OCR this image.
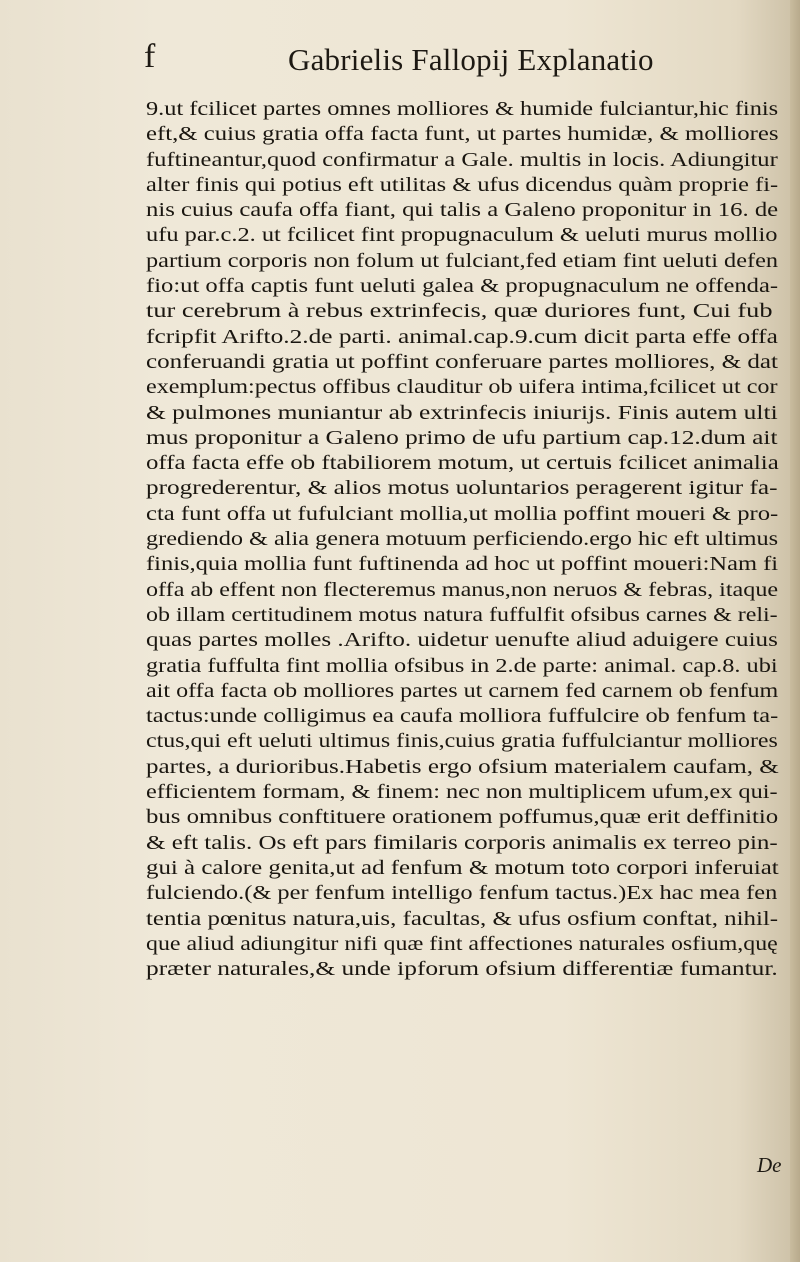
f	Gabrielis Fallopij Explanatio
9.ut fcilicet partes omnes molliores & humide fulciantur,hic finis
eft,& cuius gratia offa facta funt, ut partes humidæ, & molliores
fuftineantur,quod confirmatur a Gale. multis in locis. Adiungitur
alter finis qui potius eft utilitas & ufus dicendus quàm proprie fi-
nis cuius caufa offa fiant, qui talis a Galeno proponitur in 16. de
ufu par.c.2. ut fcilicet fint propugnaculum & ueluti murus mollio
partium corporis non folum ut fulciant,fed etiam fint ueluti defen
fio:ut offa captis funt ueluti galea & propugnaculum ne offenda-
tur cerebrum à rebus extrinfecis, quæ duriores funt, Cui fub
fcripfit Arifto.2.de parti. animal.cap.9.cum dicit parta effe offa
conferuandi gratia ut poffint conferuare partes molliores, & dat
exemplum:pectus offibus clauditur ob uifera intima,fcilicet ut cor
& pulmones muniantur ab extrinfecis iniurijs. Finis autem ulti
mus proponitur a Galeno primo de ufu partium cap.12.dum ait
offa facta effe ob ftabiliorem motum, ut certuis fcilicet animalia
progrederentur, & alios motus uoluntarios peragerent igitur fa-
cta funt offa ut fufulciant mollia,ut mollia poffint moueri & pro-
grediendo & alia genera motuum perficiendo.ergo hic eft ultimus
finis,quia mollia funt fuftinenda ad hoc ut poffint moueri:Nam fi
offa ab effent non flecteremus manus,non neruos & febras, itaque
ob illam certitudinem motus natura fuffulfit ofsibus carnes & reli-
quas partes molles .Arifto. uidetur uenufte aliud aduigere cuius
gratia fuffulta fint mollia ofsibus in 2.de parte: animal. cap.8. ubi
ait offa facta ob molliores partes ut carnem fed carnem ob fenfum
tactus:unde colligimus ea caufa molliora fuffulcire ob fenfum ta-
ctus,qui eft ueluti ultimus finis,cuius gratia fuffulciantur molliores
partes, a durioribus.Habetis ergo ofsium materialem caufam, &
efficientem formam, & finem: nec non multiplicem ufum,ex qui-
bus omnibus conftituere orationem poffumus,quæ erit deffinitio
& eft talis. Os eft pars fimilaris corporis animalis ex terreo pin-
gui à calore genita,ut ad fenfum & motum toto corpori inferuiat
fulciendo.(& per fenfum intelligo fenfum tactus.)Ex hac mea fen
tentia pœnitus natura,uis, facultas, & ufus osfium conftat, nihil-
que aliud adiungitur nifi quæ fint affectiones naturales osfium,quę
præter naturales,& unde ipforum ofsium differentiæ fumantur.
De
